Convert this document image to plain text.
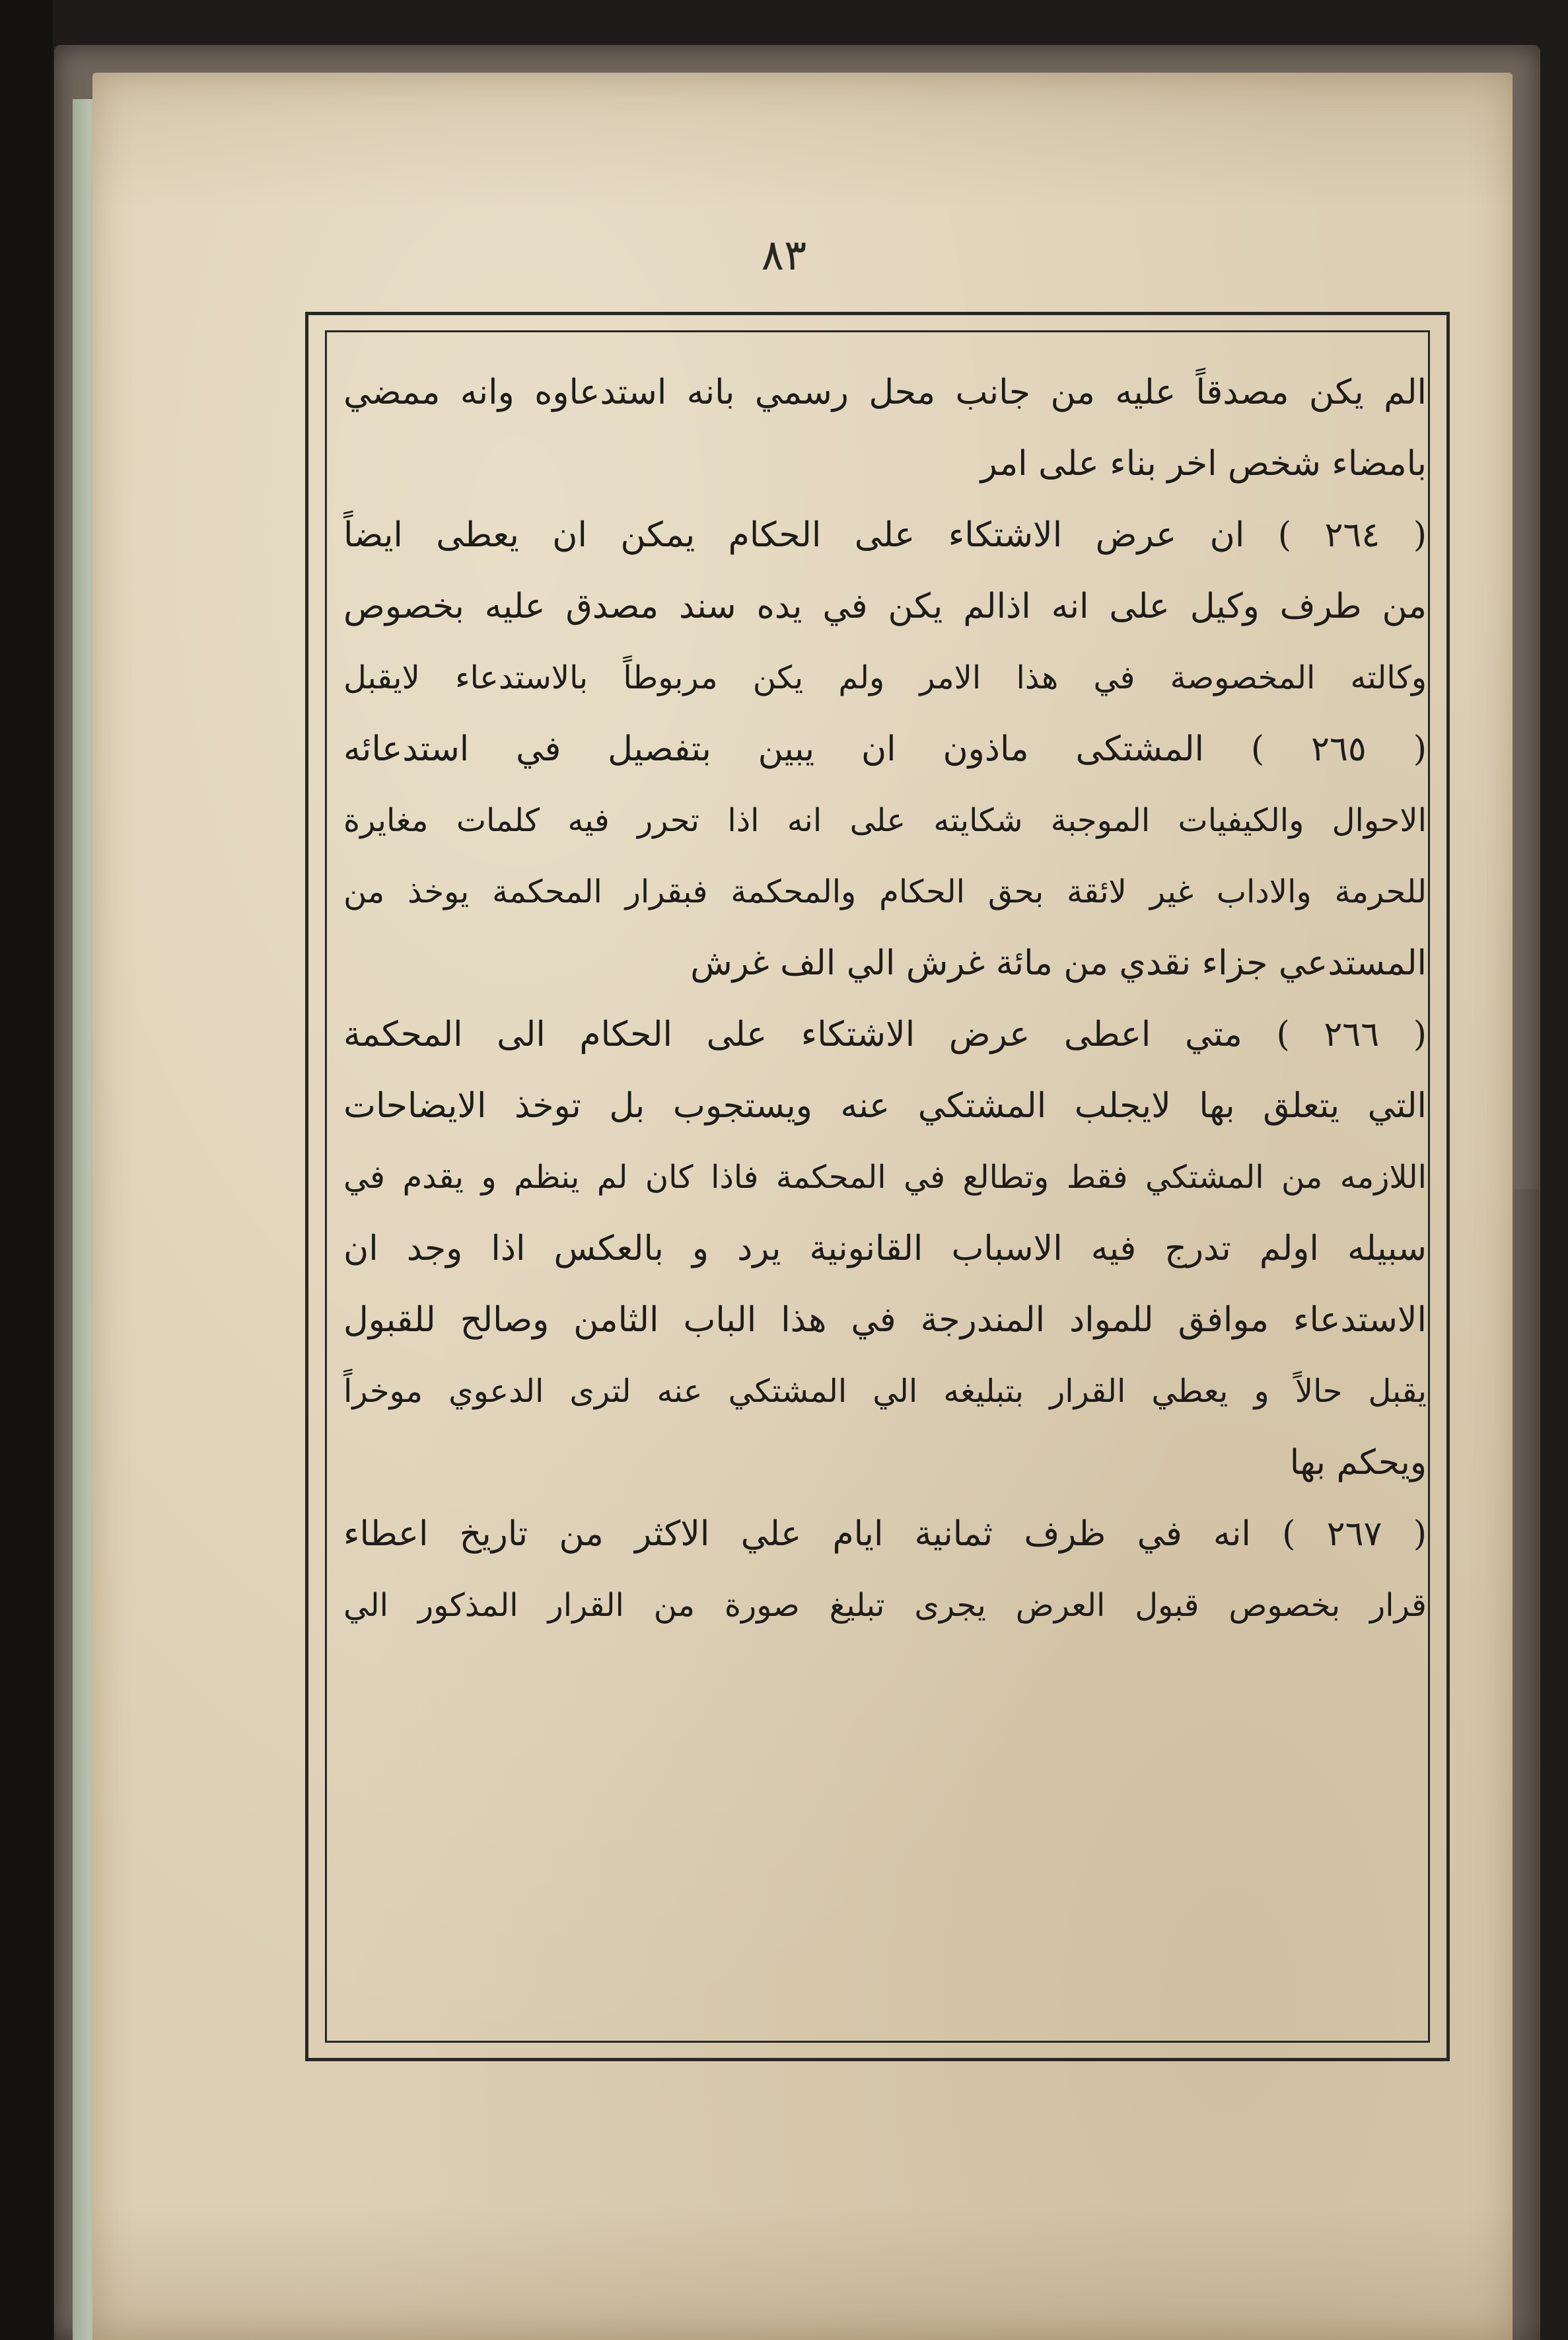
٨٣
الم يكن مصدقاً عليه من جانب محل رسمي بانه استدعاوه وانه ممضي
بامضاء شخص اخر بناء على امر
( ٢٦٤ ) ان عرض الاشتكاء على الحكام يمكن ان يعطى ايضاً
من طرف وكيل على انه اذالم يكن في يده سند مصدق عليه بخصوص
وكالته المخصوصة في هذا الامر ولم يكن مربوطاً بالاستدعاء لايقبل
( ٢٦٥ ) المشتكى ماذون ان يبين بتفصيل في استدعائه
الاحوال والكيفيات الموجبة شكايته على انه اذا تحرر فيه كلمات مغايرة
للحرمة والاداب غير لائقة بحق الحكام والمحكمة فبقرار المحكمة يوخذ من
المستدعي جزاء نقدي من مائة غرش الي الف غرش
( ٢٦٦ ) متي اعطى عرض الاشتكاء على الحكام الى المحكمة
التي يتعلق بها لايجلب المشتكي عنه ويستجوب بل توخذ الايضاحات
اللازمه من المشتكي فقط وتطالع في المحكمة فاذا كان لم ينظم و يقدم في
سبيله اولم تدرج فيه الاسباب القانونية يرد و بالعكس اذا وجد ان
الاستدعاء موافق للمواد المندرجة في هذا الباب الثامن وصالح للقبول
يقبل حالاً و يعطي القرار بتبليغه الي المشتكي عنه لترى الدعوي موخراً
ويحكم بها
( ٢٦٧ ) انه في ظرف ثمانية ايام علي الاكثر من تاريخ اعطاء
قرار بخصوص قبول العرض يجرى تبليغ صورة من القرار المذكور الي
